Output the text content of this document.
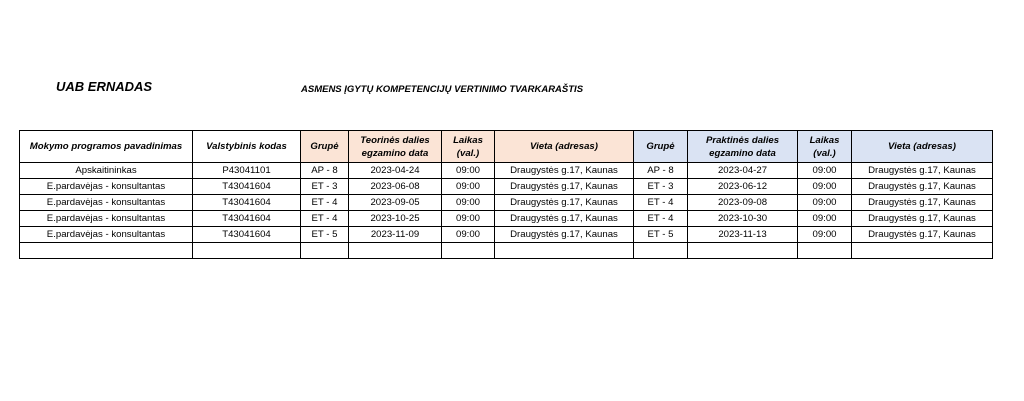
UAB ERNADAS	ASMENS ĮGYTŲ KOMPETENCIJŲ VERTINIMO TVARKARAŠTIS
Mokymo programos pavadinimas	Valstybinis kodas	Grupė	Teorinės dalies egzamino data	Laikas (val.)	Vieta (adresas)	Grupė	Praktinės dalies egzamino data	Laikas (val.)	Vieta (adresas)
Apskaitininkas	P43041101	AP - 8	2023-04-24	09:00	Draugystės g.17, Kaunas	AP - 8	2023-04-27	09:00	Draugystės g.17, Kaunas
E.pardavėjas - konsultantas	T43041604	ET - 3	2023-06-08	09:00	Draugystės g.17, Kaunas	ET - 3	2023-06-12	09:00	Draugystės g.17, Kaunas
E.pardavėjas - konsultantas	T43041604	ET - 4	2023-09-05	09:00	Draugystės g.17, Kaunas	ET - 4	2023-09-08	09:00	Draugystės g.17, Kaunas
E.pardavėjas - konsultantas	T43041604	ET - 4	2023-10-25	09:00	Draugystės g.17, Kaunas	ET - 4	2023-10-30	09:00	Draugystės g.17, Kaunas
E.pardavėjas - konsultantas	T43041604	ET - 5	2023-11-09	09:00	Draugystės g.17, Kaunas	ET - 5	2023-11-13	09:00	Draugystės g.17, Kaunas
